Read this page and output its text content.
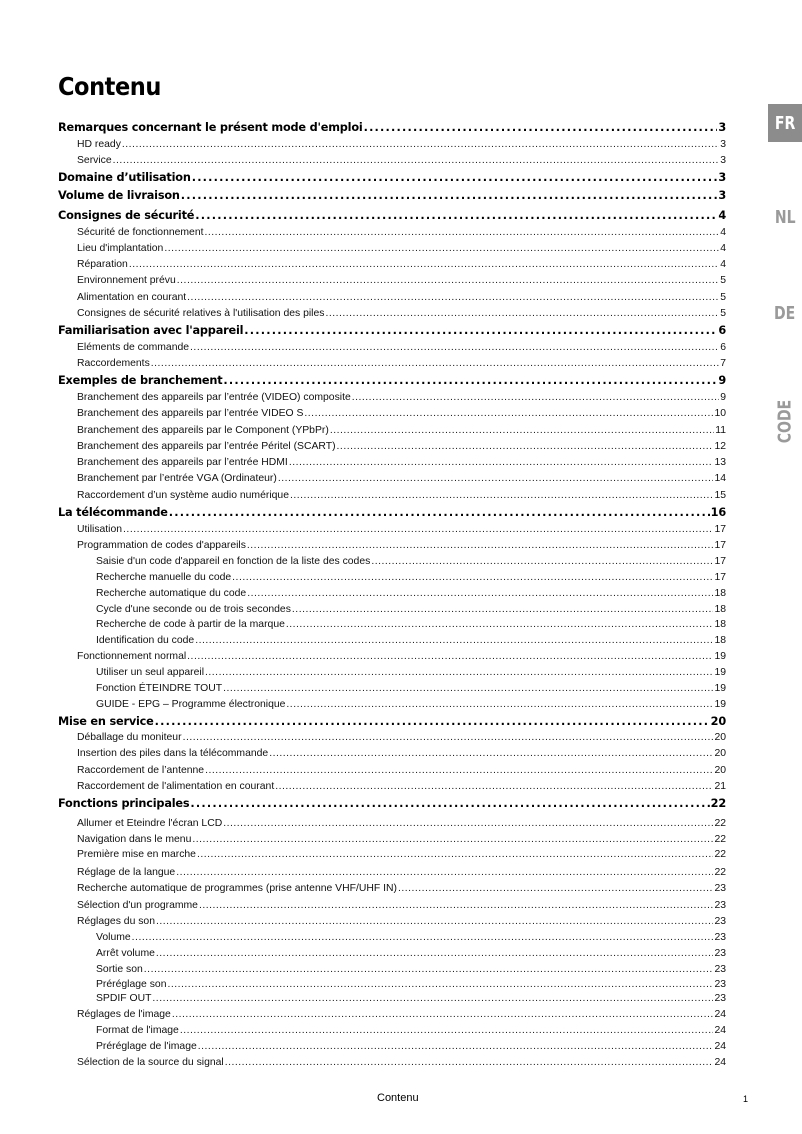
Contenu
Remarques concernant le présent mode d'emploi .....	3
HD ready .....	3
Service .....	3
Domaine d’utilisation .....	3
Volume de livraison .....	3
Consignes de sécurité .....	4
Sécurité de fonctionnement .....	4
Lieu d'implantation .....	4
Réparation .....	4
Environnement prévu .....	5
Alimentation en courant .....	5
Consignes de sécurité relatives à l'utilisation des piles .....	5
Familiarisation avec l'appareil .....	6
Eléments de commande .....	6
Raccordements .....	7
Exemples de branchement .....	9
Branchement des appareils par l’entrée (VIDEO) composite .....	9
Branchement des appareils par l’entrée VIDEO S .....	10
Branchement des appareils par le Component (YPbPr) .....	11
Branchement des appareils par l’entrée Péritel (SCART) .....	12
Branchement des appareils par l’entrée HDMI .....	13
Branchement par l’entrée VGA (Ordinateur) .....	14
Raccordement d’un système audio numérique .....	15
La télécommande .....	16
Utilisation .....	17
Programmation de codes d'appareils .....	17
Saisie d'un code d'appareil en fonction de la liste des codes .....	17
Recherche manuelle du code .....	17
Recherche automatique du code .....	18
Cycle d'une seconde ou de trois secondes .....	18
Recherche de code à partir de la marque .....	18
Identification du code .....	18
Fonctionnement normal .....	19
Utiliser un seul appareil .....	19
Fonction ÉTEINDRE TOUT .....	19
GUIDE - EPG – Programme électronique .....	19
Mise en service .....	20
Déballage du moniteur .....	20
Insertion des piles dans la télécommande .....	20
Raccordement de l’antenne .....	20
Raccordement de l'alimentation en courant .....	21
Fonctions principales .....	22
Allumer et Eteindre l'écran LCD .....	22
Navigation dans le menu .....	22
Première mise en marche .....	22
Réglage de la langue .....	22
Recherche automatique de programmes (prise antenne VHF/UHF IN) .....	23
Sélection d'un programme .....	23
Réglages du son .....	23
Volume .....	23
Arrêt volume .....	23
Sortie son .....	23
Préréglage son .....	23
SPDIF OUT .....	23
Réglages de l'image .....	24
Format de l'image .....	24
Préréglage de l'image .....	24
Sélection de la source du signal .....	24
FR
NL
DE
CODE
Contenu	1
